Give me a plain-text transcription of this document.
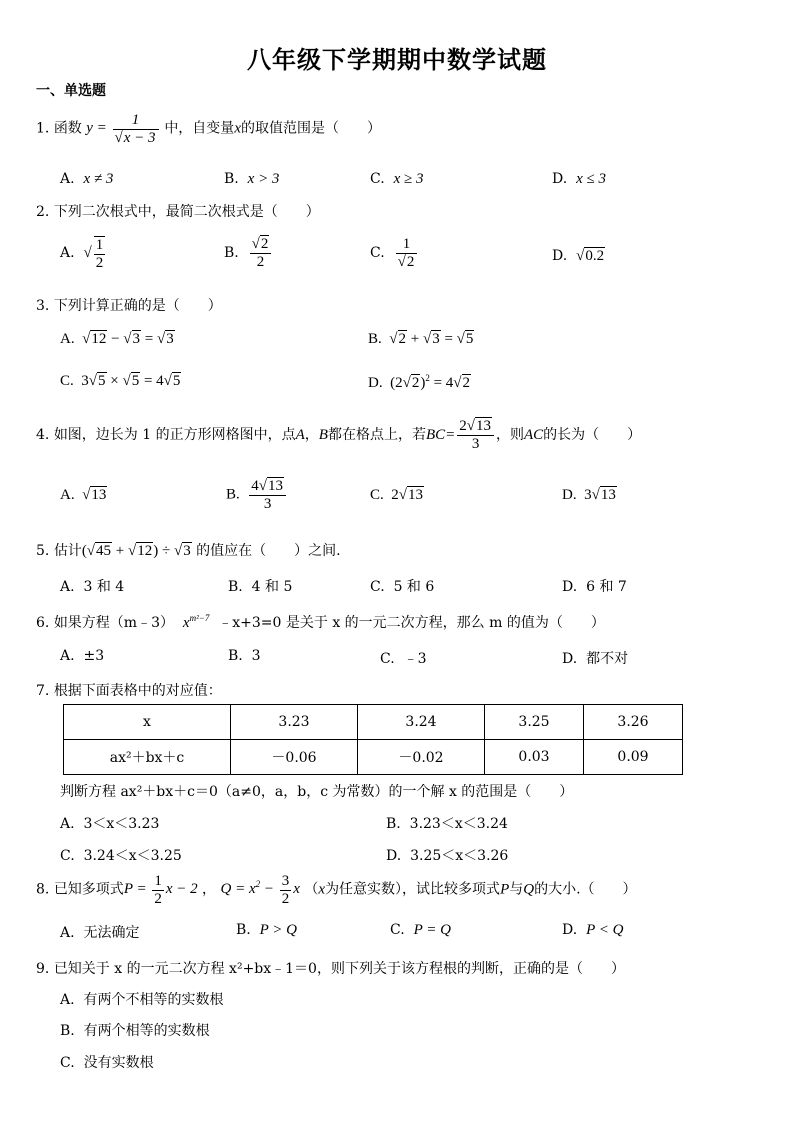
八年级下学期期中数学试题
一、单选题
1. 函数 $y = \frac{1}{√x - 3}$ 中，自变量x的取值范围是（　　）
A. x ≠ 3	B. x > 3	C. x ≥ 3	D. x ≤ 3
2. 下列二次根式中，最简二次根式是（　　）
A. √ $\frac{1}{2}$	B. $\frac{√2}{2}$	C. $\frac{1}{√2}$	D. √0.2
3. 下列计算正确的是（　　）
A.  √12 − √3 = √3	B.  √2 + √3 = √5
C.  3√5 × √5 = 4√5	D.  $(2√2)^2 = 4√2$
4. 如图，边长为 1 的正方形网格图中，点A，B都在格点上，若$BC= \frac{2√13}{3}$ ，则AC的长为（　　）
A.  √13	B. $\frac{4√13}{3}$	C.  2√13	D.  3√13
5. 估计(√45 + √12) ÷ √3 的值应在（　　）之间.
A. 3 和 4	B. 4 和 5	C. 5 和 6	D. 6 和 7
6. 如果方程（m﹣3） $x^{m^2-7}$ ﹣x+3=0 是关于 x 的一元二次方程，那么 m 的值为（　　）
A. ±3	B. 3	C. ﹣3	D. 都不对
7. 根据下面表格中的对应值：
x	3.23	3.24	3.25	3.26
ax²＋bx＋c	－0.06	－0.02	0.03	0.09
判断方程 ax²＋bx＋c＝0（a≠0，a，b，c 为常数）的一个解 x 的范围是（　　）
A. 3＜x＜3.23	B. 3.23＜x＜3.24
C. 3.24＜x＜3.25	D. 3.25＜x＜3.26
8. 已知多项式$P = \frac{1}{2}$ x − 2 ， $Q = x^2 - \frac{3}{2}$ x （x为任意实数），试比较多项式P与Q的大小.（　　）
A. 无法确定	B. P > Q	C. P = Q	D. P < Q
9. 已知关于 x 的一元二次方程 x²+bx﹣1＝0，则下列关于该方程根的判断，正确的是（　　）
A. 有两个不相等的实数根
B. 有两个相等的实数根
C. 没有实数根
